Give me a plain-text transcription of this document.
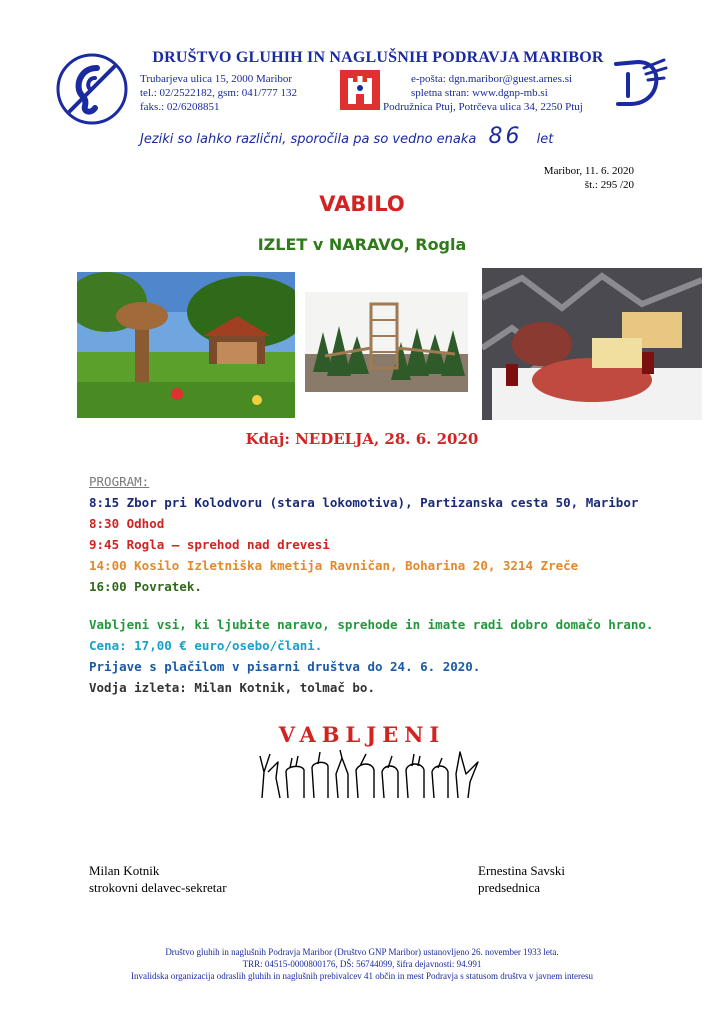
DRUŠTVO GLUHIH IN NAGLUŠNIH PODRAVJA MARIBOR
Trubarjeva ulica 15, 2000 Maribor
tel.: 02/2522182, gsm: 041/777 132
faks.: 02/6208851
e-pošta: dgn.maribor@guest.arnes.si
spletna stran: www.dgnp-mb.si
Podružnica Ptuj, Potrčeva ulica 34, 2250 Ptuj
Jeziki so lahko različni, sporočila pa so vedno enaka 86 let
Maribor, 11. 6. 2020
št.: 295 /20
VABILO
IZLET v NARAVO, Rogla
Kdaj: NEDELJA, 28. 6. 2020
PROGRAM:
8:15 Zbor pri Kolodvoru (stara lokomotiva), Partizanska cesta 50, Maribor
8:30 Odhod
9:45 Rogla – sprehod nad drevesi
14:00 Kosilo Izletniška kmetija Ravničan, Boharina 20, 3214 Zreče
16:00 Povratek.
Vabljeni vsi, ki ljubite naravo, sprehode in imate radi dobro domačo hrano.
Cena: 17,00 € euro/osebo/člani.
Prijave s plačilom v pisarni društva do 24. 6. 2020.
Vodja izleta: Milan Kotnik, tolmač bo.
VABLJENI
Milan Kotnik
strokovni delavec-sekretar
Ernestina Savski
predsednica
Društvo gluhih in naglušnih Podravja Maribor (Društvo GNP Maribor) ustanovljeno 26. november 1933 leta.
TRR: 04515-0000800176, DŠ: 56744099, šifra dejavnosti: 94.991
Invalidska organizacija odraslih gluhih in naglušnih prebivalcev 41 občin in mest Podravja s statusom društva v javnem interesu
